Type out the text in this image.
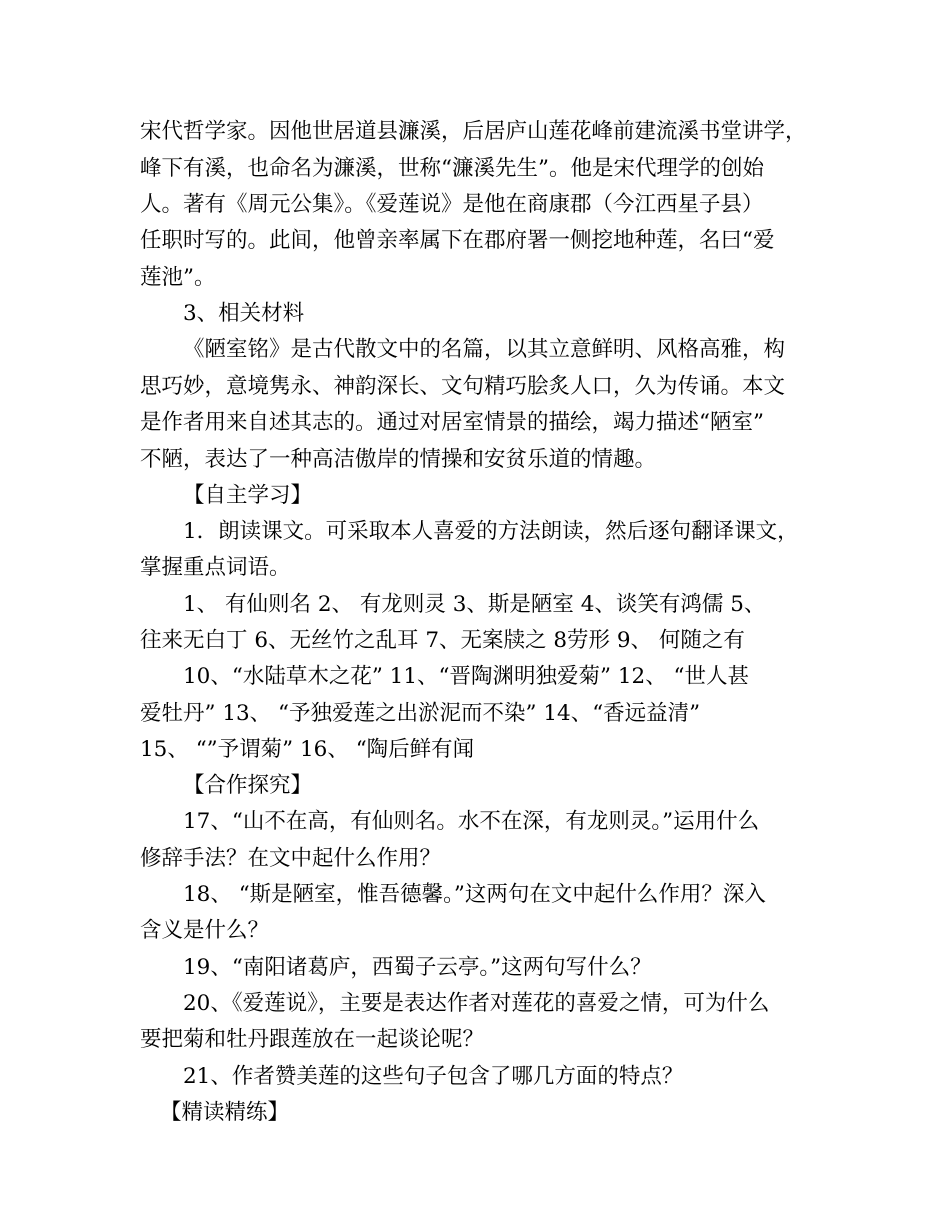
宋代哲学家。因他世居道县濂溪，后居庐山莲花峰前建流溪书堂讲学，
峰下有溪，也命名为濂溪，世称“濂溪先生”。他是宋代理学的创始
人。著有《周元公集》。《爱莲说》是他在商康郡（今江西星子县）
任职时写的。此间，他曾亲率属下在郡府署一侧挖地种莲，名曰“爱
莲池”。
3、相关材料
《陋室铭》是古代散文中的名篇，以其立意鲜明、风格高雅，构
思巧妙，意境隽永、神韵深长、文句精巧脍炙人口，久为传诵。本文
是作者用来自述其志的。通过对居室情景的描绘，竭力描述“陋室”
不陋，表达了一种高洁傲岸的情操和安贫乐道的情趣。
【自主学习】
1．朗读课文。可采取本人喜爱的方法朗读，然后逐句翻译课文，
掌握重点词语。
1、 有仙则名 2、 有龙则灵 3、斯是陋室 4、谈笑有鸿儒 5、
往来无白丁 6、无丝竹之乱耳 7、无案牍之 8劳形 9、 何随之有
10、“水陆草木之花” 11、“晋陶渊明独爱菊” 12、 “世人甚
爱牡丹” 13、 “予独爱莲之出淤泥而不染” 14、“香远益清”
15、 “”予谓菊” 16、 “陶后鲜有闻
【合作探究】
17、“山不在高，有仙则名。水不在深，有龙则灵。”运用什么
修辞手法？在文中起什么作用？
18、 “斯是陋室，惟吾德馨。”这两句在文中起什么作用？深入
含义是什么？
19、“南阳诸葛庐，西蜀子云亭。”这两句写什么？
20、《爱莲说》，主要是表达作者对莲花的喜爱之情，可为什么
要把菊和牡丹跟莲放在一起谈论呢？
21、作者赞美莲的这些句子包含了哪几方面的特点？
【精读精练】
